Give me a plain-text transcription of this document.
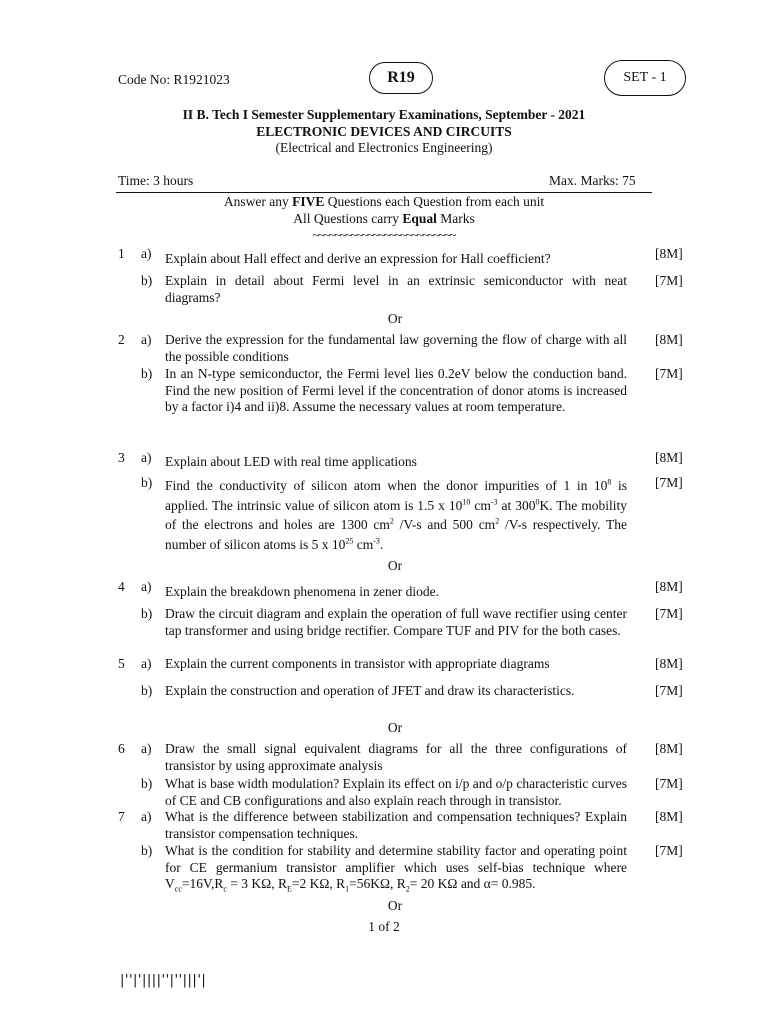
Code No: R1921023	R19	SET - 1
II B. Tech I Semester Supplementary Examinations, September - 2021
ELECTRONIC DEVICES AND CIRCUITS
(Electrical and Electronics Engineering)
Time: 3 hours	Max. Marks: 75
Answer any FIVE Questions each Question from each unit
All Questions carry Equal Marks
~~~~~~~~~~~~~~~~~~~~~~~~~~
1	a)	Explain about Hall effect and derive an expression for Hall coefficient?	[8M]
b) Explain in detail about Fermi level in an extrinsic semiconductor with neat diagrams?
[7M]
Or
2	a)	Derive the expression for the fundamental law governing the flow of charge with all the possible conditions
[8M]
b) In an N-type semiconductor, the Fermi level lies 0.2eV below the conduction band. Find the new position of Fermi level if the concentration of donor atoms is increased by a factor i)4 and ii)8. Assume the necessary values at room temperature.
[7M]
3	a)	Explain about LED with real time applications	[8M]
b) Find the conductivity of silicon atom when the donor impurities of 1 in $10^8$ is applied. The intrinsic value of silicon atom is 1.5 x $10^{10}$ $cm^{-3}$ at $300^0K$. The mobility of the electrons and holes are 1300 $cm^2$ /V-s and 500 $cm^2$ /V-s respectively. The number of silicon atoms is 5 x $10^{25}$ $cm^{-3}$.
[7M]
Or
4	a)	Explain the breakdown phenomena in zener diode.	[8M]
b) Draw the circuit diagram and explain the operation of full wave rectifier using center tap transformer and using bridge rectifier. Compare TUF and PIV for the both cases.
[7M]
5	a)	Explain the current components in transistor with appropriate diagrams	[8M]
b) Explain the construction and operation of JFET and draw its characteristics.	[7M]
Or
6	a)	Draw the small signal equivalent diagrams for all the three configurations of transistor by using approximate analysis
[8M]
b) What is base width modulation? Explain its effect on i/p and o/p characteristic curves of CE and CB configurations and also explain reach through in transistor.
[7M]
7	a)	What is the difference between stabilization and compensation techniques? Explain transistor compensation techniques.
[8M]
b) What is the condition for stability and determine stability factor and operating point for CE germanium transistor amplifier which uses self-bias technique where $V_{cc}=16V,R_c = 3$ KΩ, $R_E=2$ KΩ, $R_1=56K\Omega$, $R_2= 20$ KΩ and α= 0.985.
[7M]
Or
1 of 2
|''|'||||''|''|||'|
